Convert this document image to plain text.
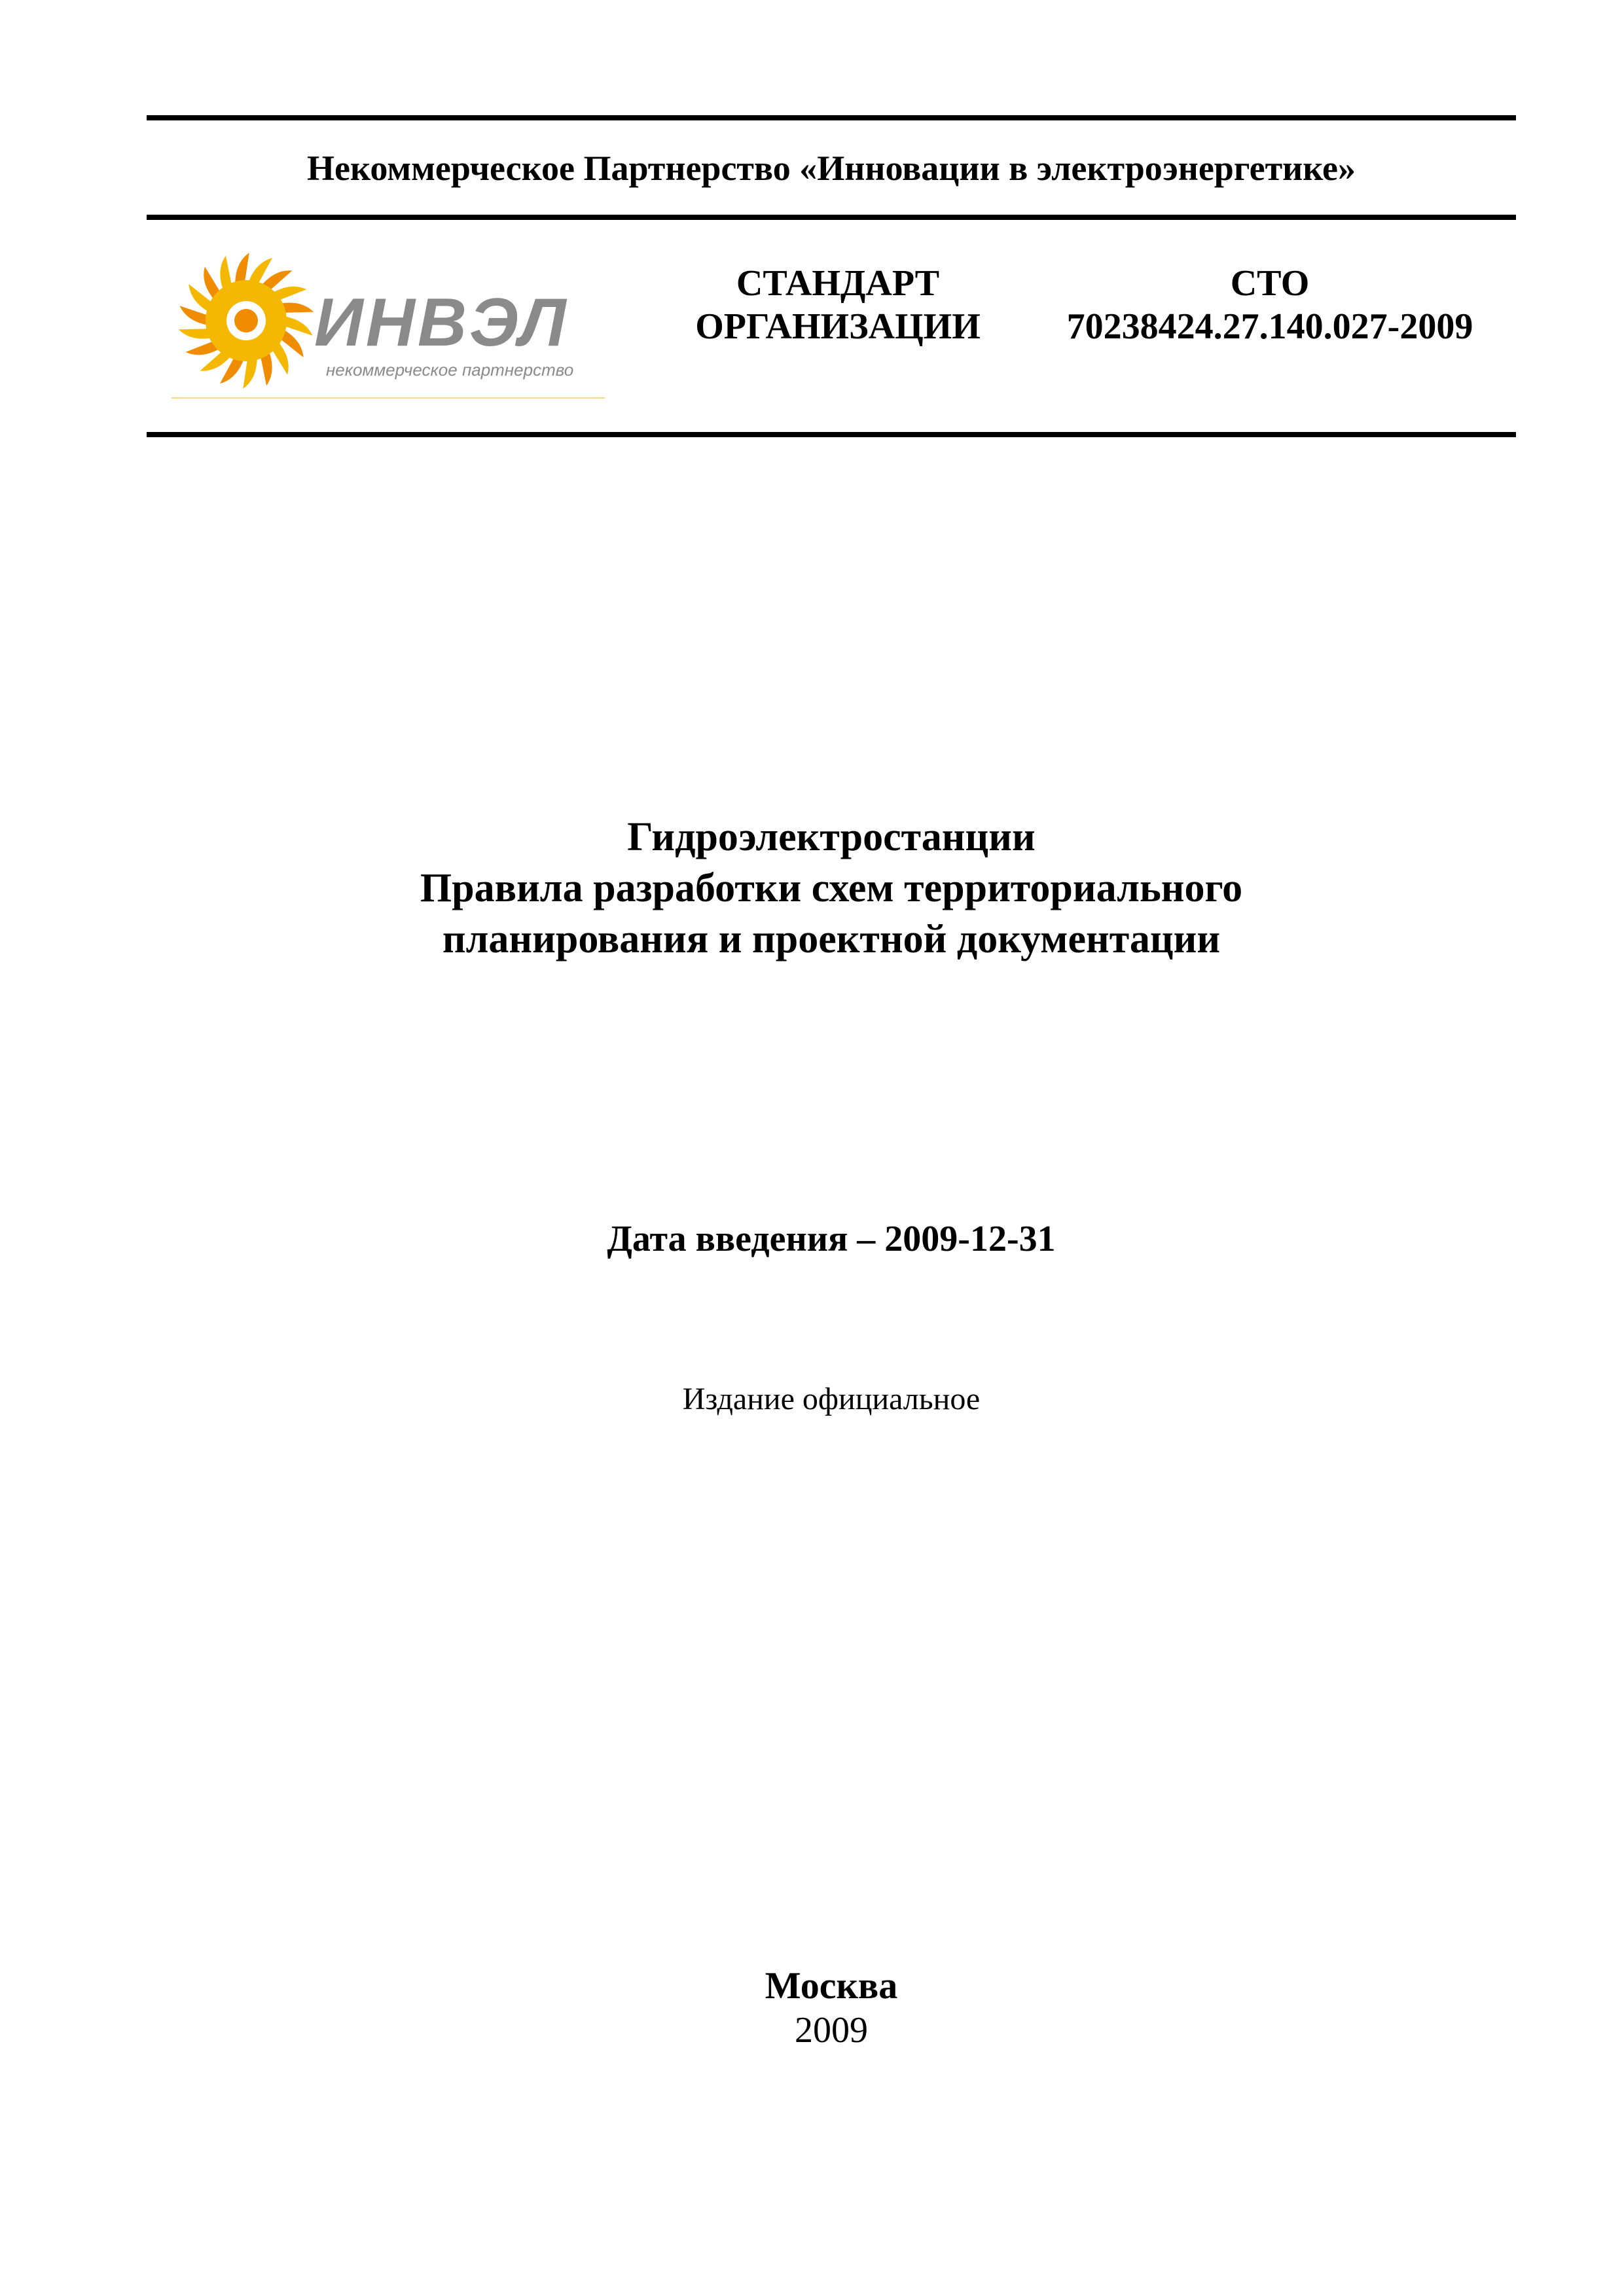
Некоммерческое Партнерство «Инновации в электроэнергетике»
ИНВЭЛ
некоммерческое партнерство
СТАНДАРТ
ОРГАНИЗАЦИИ
СТО
70238424.27.140.027-2009
Гидроэлектростанции
Правила разработки схем территориального
планирования и проектной документации
Дата введения – 2009-12-31
Издание официальное
Москва
2009
